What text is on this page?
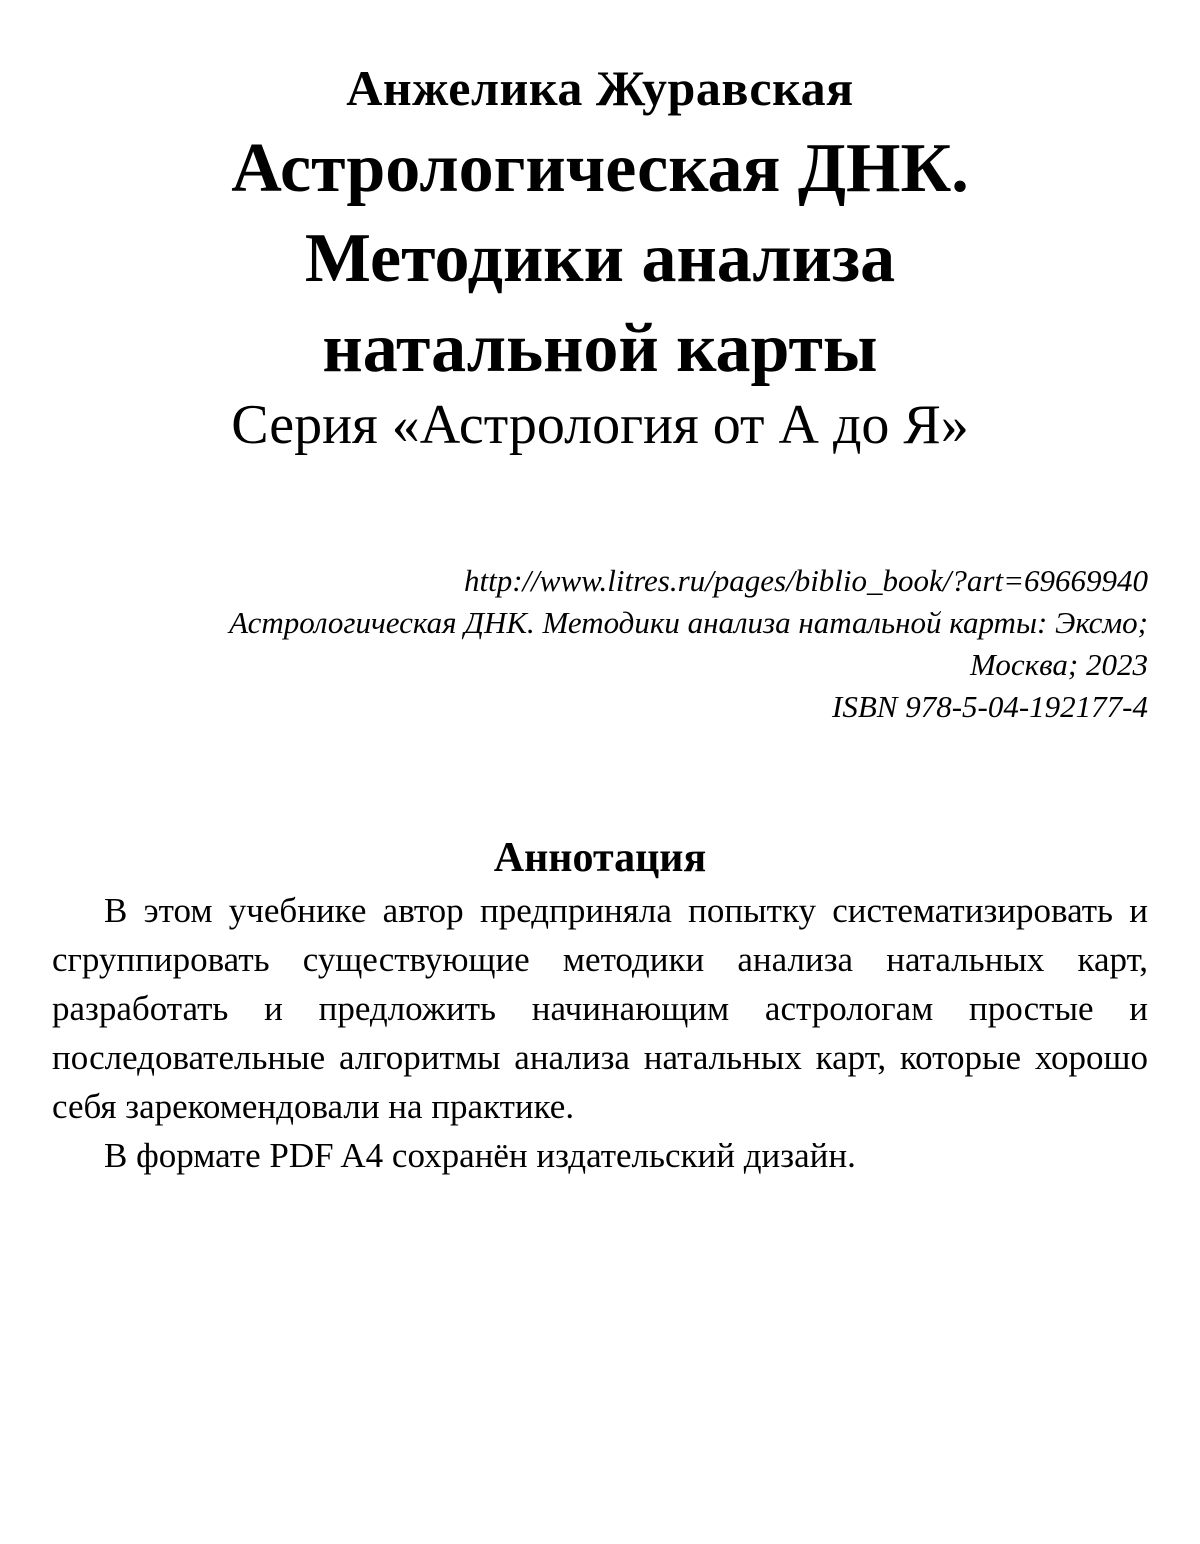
Анжелика Журавская
Астрологическая ДНК.
Методики анализа
натальной карты
Серия «Астрология от А до Я»
http://www.litres.ru/pages/biblio_book/?art=69669940
Астрологическая ДНК. Методики анализа натальной карты: Эксмо;
Москва; 2023
ISBN 978-5-04-192177-4
Аннотация

В этом учебнике автор предприняла попытку систематизировать и сгруппировать существующие методики анализа натальных карт, разработать и предложить начинающим астрологам простые и последовательные алгоритмы анализа натальных карт, которые хорошо себя зарекомендовали на практике.

В формате PDF A4 сохранён издательский дизайн.
